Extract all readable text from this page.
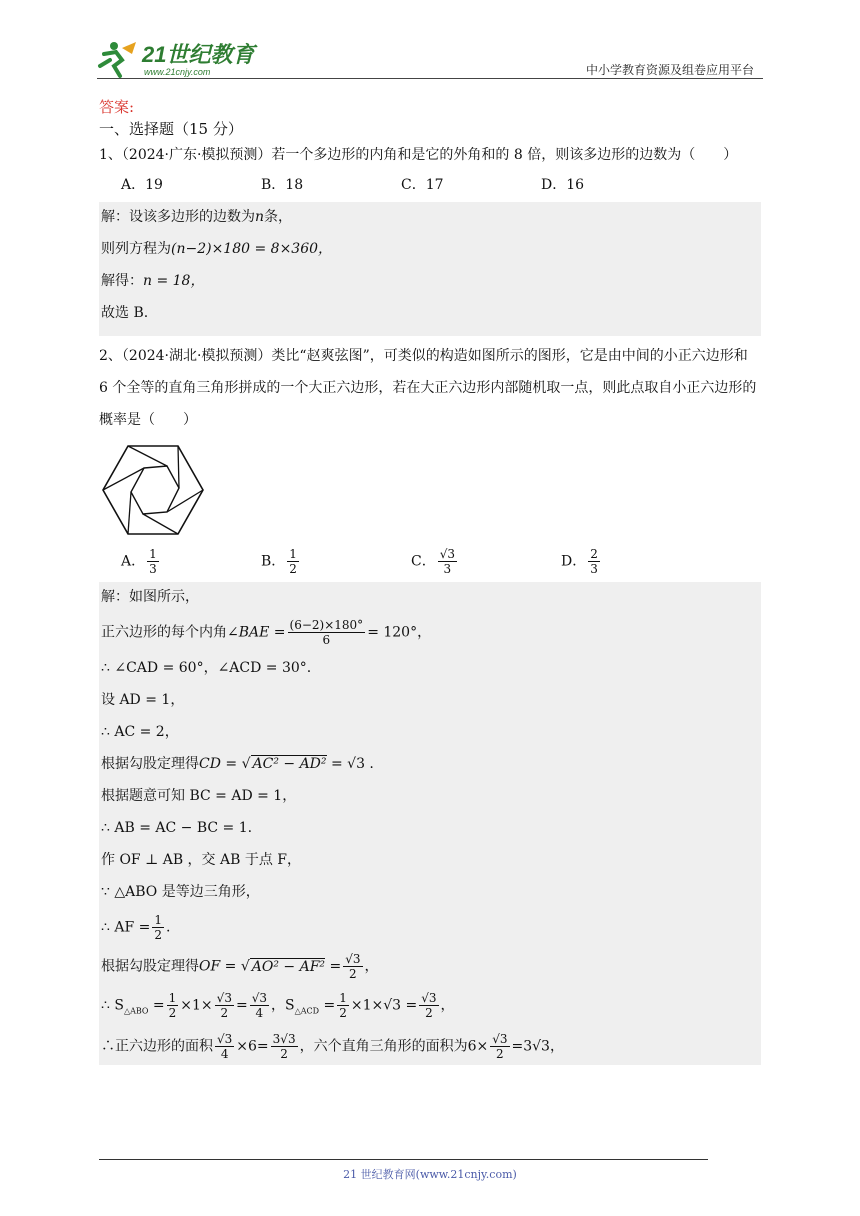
21世纪教育
www.21cnjy.com	中小学教育资源及组卷应用平台
答案:
一、选择题（15 分）
1、（2024·广东·模拟预测）若一个多边形的内角和是它的外角和的 8 倍，则该多边形的边数为（　　）
A．19	B．18	C．17	D．16

解：设该多边形的边数为n条，

则列方程为(n−2)×180 = 8×360，

解得：n = 18，

故选 B.

2、（2024·湖北·模拟预测）类比“赵爽弦图”，可类似的构造如图所示的图形，它是由中间的小正六边形和 6 个全等的直角三角形拼成的一个大正六边形，若在大正六边形内部随机取一点，则此点取自小正六边形的概率是（　　）
A． $\frac{1}{3}$	B． $\frac{1}{2}$	C． $\frac{√3}{3}$	D． $\frac{2}{3}$

解：如图所示，

正六边形的每个内角∠BAE = $\frac{(6-2)\times 180^\circ}{6} = 120^\circ$，

∴ ∠CAD = 60°，∠ACD = 30°.

设 AD = 1，

∴ AC = 2，

根据勾股定理得CD = √ AC² − AD² = √3 .

根据题意可知 BC = AD = 1，

∴ AB = AC − BC = 1.

作 OF ⊥ AB ，交 AB 于点 F，

∵ △ABO 是等边三角形，

∴ AF = $\frac{1}{2}$ .

根据勾股定理得OF = √ $AO^2 - AF^2 = \frac{√3}{2}$ ，

∴ $S_{\triangle ABO} = \frac{1}{2} \times 1\times \frac{√3}{2} = \frac{√3}{4}$ ，$S_{\triangle ACD} = \frac{1}{2} \times 1\times√3 = \frac{√3}{2}$ ，

∴正六边形的面积 $\frac{√3}{4} \times 6= \frac{3√3}{2}$ ，六个直角三角形的面积为$6\times \frac{√3}{2} =3√3$，

21 世纪教育网(www.21cnjy.com)
